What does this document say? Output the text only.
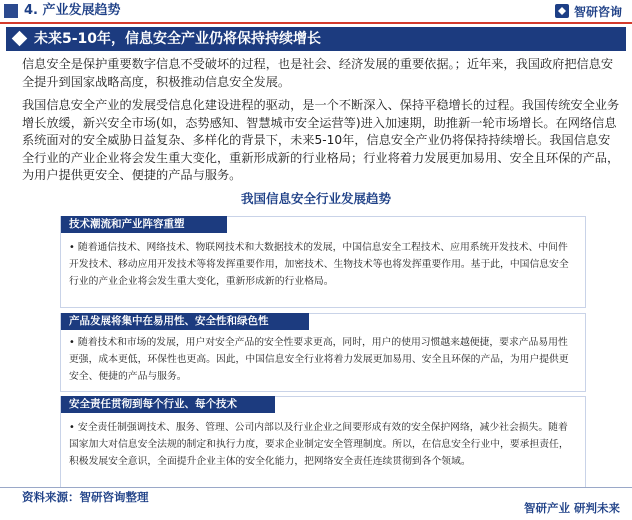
4. 产业发展趋势	智研咨询
未来5-10年，信息安全产业仍将保持持续增长

信息安全是保护重要数字信息不受破坏的过程，也是社会、经济发展的重要依据。；近年来，我国政府把信息安全提升到国家战略高度，积极推动信息安全发展。

我国信息安全产业的发展受信息化建设进程的驱动，是一个不断深入、保持平稳增长的过程。我国传统安全业务增长放缓，新兴安全市场(如，态势感知、智慧城市安全运营等)进入加速期，助推新一轮市场增长。在网络信息系统面对的安全威胁日益复杂、多样化的背景下，未来5-10年，信息安全产业仍将保持持续增长。我国信息安全行业的产业企业将会发生重大变化，重新形成新的行业格局；行业将着力发展更加易用、安全且环保的产品，为用户提供更安全、便捷的产品与服务。

我国信息安全行业发展趋势
技术潮流和产业阵容重塑
• 随着通信技术、网络技术、物联网技术和大数据技术的发展，中国信息安全工程技术、应用系统开发技术、中间件开发技术、移动应用开发技术等将发挥重要作用，加密技术、生物技术等也将发挥重要作用。基于此，中国信息安全行业的产业企业将会发生重大变化，重新形成新的行业格局。
产品发展将集中在易用性、安全性和绿色性
• 随着技术和市场的发展，用户对安全产品的安全性要求更高，同时，用户的使用习惯越来越便捷，要求产品易用性更强，成本更低，环保性也更高。因此，中国信息安全行业将着力发展更加易用、安全且环保的产品，为用户提供更安全、便捷的产品与服务。
安全责任贯彻到每个行业、每个技术
• 安全责任制强调技术、服务、管理、公司内部以及行业企业之间要形成有效的安全保护网络，减少社会损失。随着国家加大对信息安全法规的制定和执行力度，要求企业制定安全管理制度。所以，在信息安全行业中，要承担责任，积极发展安全意识，全面提升企业主体的安全化能力，把网络安全责任连续贯彻到各个领域。
资料来源：智研咨询整理
智研产业 研判未来
